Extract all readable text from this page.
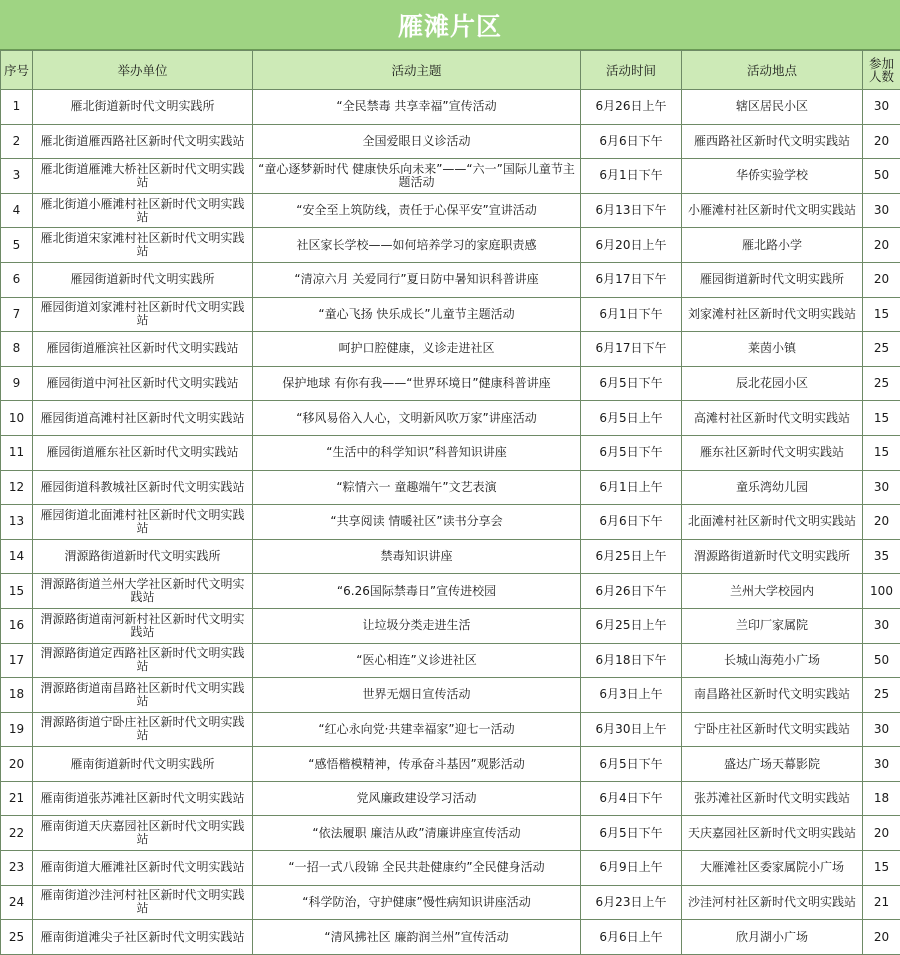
雁滩片区
序号	举办单位	活动主题	活动时间	活动地点	参加人数
1	雁北街道新时代文明实践所	“全民禁毒 共享幸福”宣传活动	6月26日上午	辖区居民小区	30
2	雁北街道雁西路社区新时代文明实践站	全国爱眼日义诊活动	6月6日下午	雁西路社区新时代文明实践站	20
3	雁北街道雁滩大桥社区新时代文明实践站	“童心逐梦新时代 健康快乐向未来”——“六一”国际儿童节主题活动	6月1日下午	华侨实验学校	50
4	雁北街道小雁滩村社区新时代文明实践站	“安全至上筑防线，责任于心保平安”宣讲活动	6月13日下午	小雁滩村社区新时代文明实践站	30
5	雁北街道宋家滩村社区新时代文明实践站	社区家长学校——如何培养学习的家庭职责感	6月20日上午	雁北路小学	20
6	雁园街道新时代文明实践所	“清凉六月 关爱同行”夏日防中暑知识科普讲座	6月17日下午	雁园街道新时代文明实践所	20
7	雁园街道刘家滩村社区新时代文明实践站	“童心飞扬 快乐成长”儿童节主题活动	6月1日下午	刘家滩村社区新时代文明实践站	15
8	雁园街道雁滨社区新时代文明实践站	呵护口腔健康，义诊走进社区	6月17日下午	莱茵小镇	25
9	雁园街道中河社区新时代文明实践站	保护地球 有你有我——“世界环境日”健康科普讲座	6月5日下午	辰北花园小区	25
10	雁园街道高滩村社区新时代文明实践站	“移风易俗入人心，文明新风吹万家”讲座活动	6月5日上午	高滩村社区新时代文明实践站	15
11	雁园街道雁东社区新时代文明实践站	“生活中的科学知识”科普知识讲座	6月5日下午	雁东社区新时代文明实践站	15
12	雁园街道科教城社区新时代文明实践站	“粽情六一 童趣端午”文艺表演	6月1日上午	童乐湾幼儿园	30
13	雁园街道北面滩村社区新时代文明实践站	“共享阅读 情暖社区”读书分享会	6月6日下午	北面滩村社区新时代文明实践站	20
14	渭源路街道新时代文明实践所	禁毒知识讲座	6月25日上午	渭源路街道新时代文明实践所	35
15	渭源路街道兰州大学社区新时代文明实践站	“6.26国际禁毒日”宣传进校园	6月26日下午	兰州大学校园内	100
16	渭源路街道南河新村社区新时代文明实践站	让垃圾分类走进生活	6月25日上午	兰印厂家属院	30
17	渭源路街道定西路社区新时代文明实践站	“医心相连”义诊进社区	6月18日下午	长城山海苑小广场	50
18	渭源路街道南昌路社区新时代文明实践站	世界无烟日宣传活动	6月3日上午	南昌路社区新时代文明实践站	25
19	渭源路街道宁卧庄社区新时代文明实践站	“红心永向党·共建幸福家”迎七一活动	6月30日上午	宁卧庄社区新时代文明实践站	30
20	雁南街道新时代文明实践所	“感悟楷模精神，传承奋斗基因”观影活动	6月5日下午	盛达广场天幕影院	30
21	雁南街道张苏滩社区新时代文明实践站	党风廉政建设学习活动	6月4日下午	张苏滩社区新时代文明实践站	18
22	雁南街道天庆嘉园社区新时代文明实践站	“依法履职 廉洁从政”清廉讲座宣传活动	6月5日下午	天庆嘉园社区新时代文明实践站	20
23	雁南街道大雁滩社区新时代文明实践站	“一招一式八段锦 全民共赴健康约”全民健身活动	6月9日上午	大雁滩社区委家属院小广场	15
24	雁南街道沙洼河村社区新时代文明实践站	“科学防治，守护健康”慢性病知识讲座活动	6月23日上午	沙洼河村社区新时代文明实践站	21
25	雁南街道滩尖子社区新时代文明实践站	“清风拂社区 廉韵润兰州”宣传活动	6月6日上午	欣月湖小广场	20
